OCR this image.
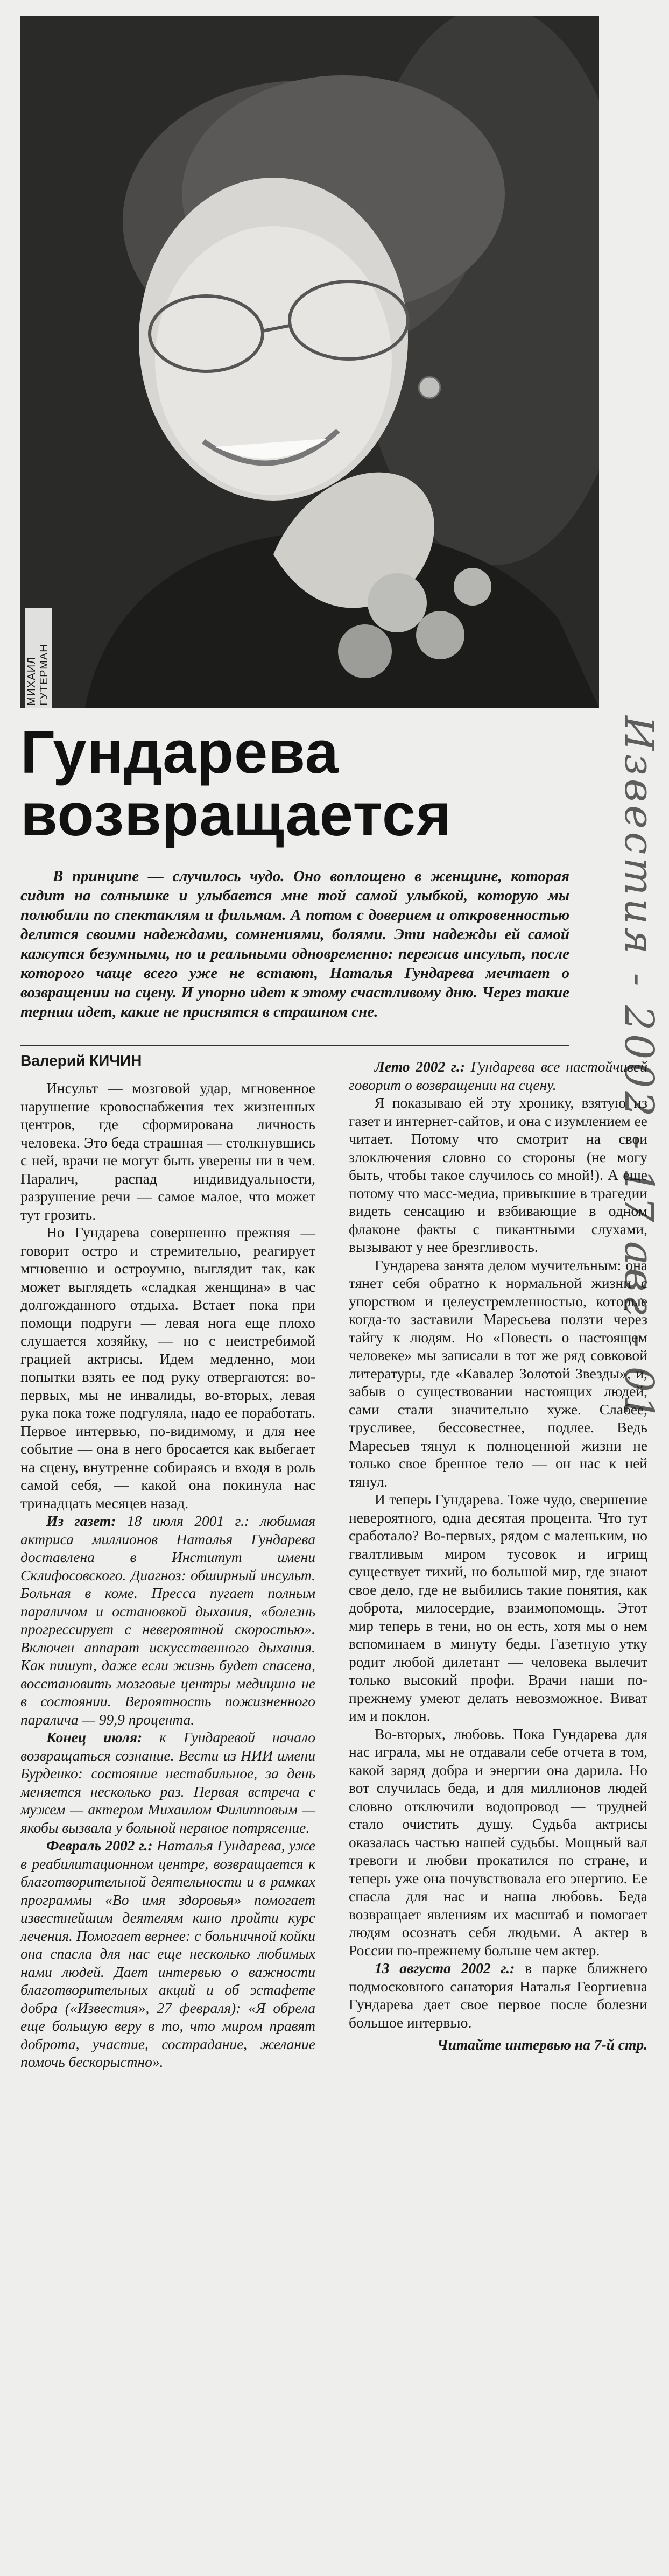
МИХАИЛ ГУТЕРМАН
Гундарева
возвращается	Известия - 2002 - 17 авг - 01

В принципе — случилось чудо. Оно воплощено в женщине, которая сидит на солнышке и улыбается мне той самой улыбкой, которую мы полюбили по спектаклям и фильмам. А потом с доверием и откровенностью делится своими надеждами, сомнениями, болями. Эти надежды ей самой кажутся безумными, но и реальными одновременно: пережив инсульт, после которого чаще всего уже не встают, Наталья Гундарева мечтает о возвращении на сцену. И упорно идет к этому счастливому дню. Через такие тернии идет, какие не приснятся в страшном сне.

Валерий КИЧИН

Инсульт — мозговой удар, мгновенное нарушение кровоснабжения тех жизненных центров, где сформирована личность человека. Это беда страшная — столкнувшись с ней, врачи не могут быть уверены ни в чем. Паралич, распад индивидуальности, разрушение речи — самое малое, что может тут грозить.

Но Гундарева совершенно прежняя — говорит остро и стремительно, реагирует мгновенно и остроумно, выглядит так, как может выглядеть «сладкая женщина» в час долгожданного отдыха. Встает пока при помощи подруги — левая нога еще плохо слушается хозяйку, — но с неистребимой грацией актрисы. Идем медленно, мои попытки взять ее под руку отвергаются: во-первых, мы не инвалиды, во-вторых, левая рука пока тоже подгуляла, надо ее поработать. Первое интервью, по-видимому, и для нее событие — она в него бросается как выбегает на сцену, внутренне собираясь и входя в роль самой себя, — какой она покинула нас тринадцать месяцев назад.

Из газет: 18 июля 2001 г.: любимая актриса миллионов Наталья Гундарева доставлена в Институт имени Склифосовского. Диагноз: обширный инсульт. Больная в коме. Пресса пугает полным параличом и остановкой дыхания, «болезнь прогрессирует с невероятной скоростью». Включен аппарат искусственного дыхания. Как пишут, даже если жизнь будет спасена, восстановить мозговые центры медицина не в состоянии. Вероятность пожизненного паралича — 99,9 процента.

Конец июля: к Гундаревой начало возвращаться сознание. Вести из НИИ имени Бурденко: состояние нестабильное, за день меняется несколько раз. Первая встреча с мужем — актером Михаилом Филипповым — якобы вызвала у больной нервное потрясение.

Февраль 2002 г.: Наталья Гундарева, уже в реабилитационном центре, возвращается к благотворительной деятельности и в рамках программы «Во имя здоровья» помогает известнейшим деятелям кино пройти курс лечения. Помогает вернее: с больничной койки она спасла для нас еще несколько любимых нами людей. Дает интервью о важности благотворительных акций и об эстафете добра («Известия», 27 февраля): «Я обрела еще большую веру в то, что миром правят доброта, участие, сострадание, желание помочь бескорыстно».

Лето 2002 г.: Гундарева все настойчивей говорит о возвращении на сцену.

Я показываю ей эту хронику, взятую из газет и интернет-сайтов, и она с изумлением ее читает. Потому что смотрит на свои злоключения словно со стороны (не могу быть, чтобы такое случилось со мной!). А еще потому что масс-медиа, привыкшие в трагедии видеть сенсацию и взбивающие в одном флаконе факты с пикантными слухами, вызывают у нее брезгливость.

Гундарева занята делом мучительным: она тянет себя обратно к нормальной жизни с упорством и целеустремленностью, которые когда-то заставили Маресьева ползти через тайгу к людям. Но «Повесть о настоящем человеке» мы записали в тот же ряд совковой литературы, где «Кавалер Золотой Звезды», и, забыв о существовании настоящих людей, сами стали значительно хуже. Слабее, трусливее, бессовестнее, подлее. Ведь Маресьев тянул к полноценной жизни не только свое бренное тело — он нас к ней тянул.

И теперь Гундарева. Тоже чудо, свершение невероятного, одна десятая процента. Что тут сработало? Во-первых, рядом с маленьким, но гвалтливым миром тусовок и игрищ существует тихий, но большой мир, где знают свое дело, где не выбились такие понятия, как доброта, милосердие, взаимопомощь. Этот мир теперь в тени, но он есть, хотя мы о нем вспоминаем в минуту беды. Газетную утку родит любой дилетант — человека вылечит только высокий профи. Врачи наши по-прежнему умеют делать невозможное. Виват им и поклон.

Во-вторых, любовь. Пока Гундарева для нас играла, мы не отдавали себе отчета в том, какой заряд добра и энергии она дарила. Но вот случилась беда, и для миллионов людей словно отключили водопровод — трудней стало очистить душу. Судьба актрисы оказалась частью нашей судьбы. Мощный вал тревоги и любви прокатился по стране, и теперь уже она почувствовала его энергию. Ее спасла для нас и наша любовь. Беда возвращает явлениям их масштаб и помогает людям осознать себя людьми. А актер в России по-прежнему больше чем актер.

13 августа 2002 г.: в парке ближнего подмосковного санатория Наталья Георгиевна Гундарева дает свое первое после болезни большое интервью.

Читайте интервью на 7-й стр.
